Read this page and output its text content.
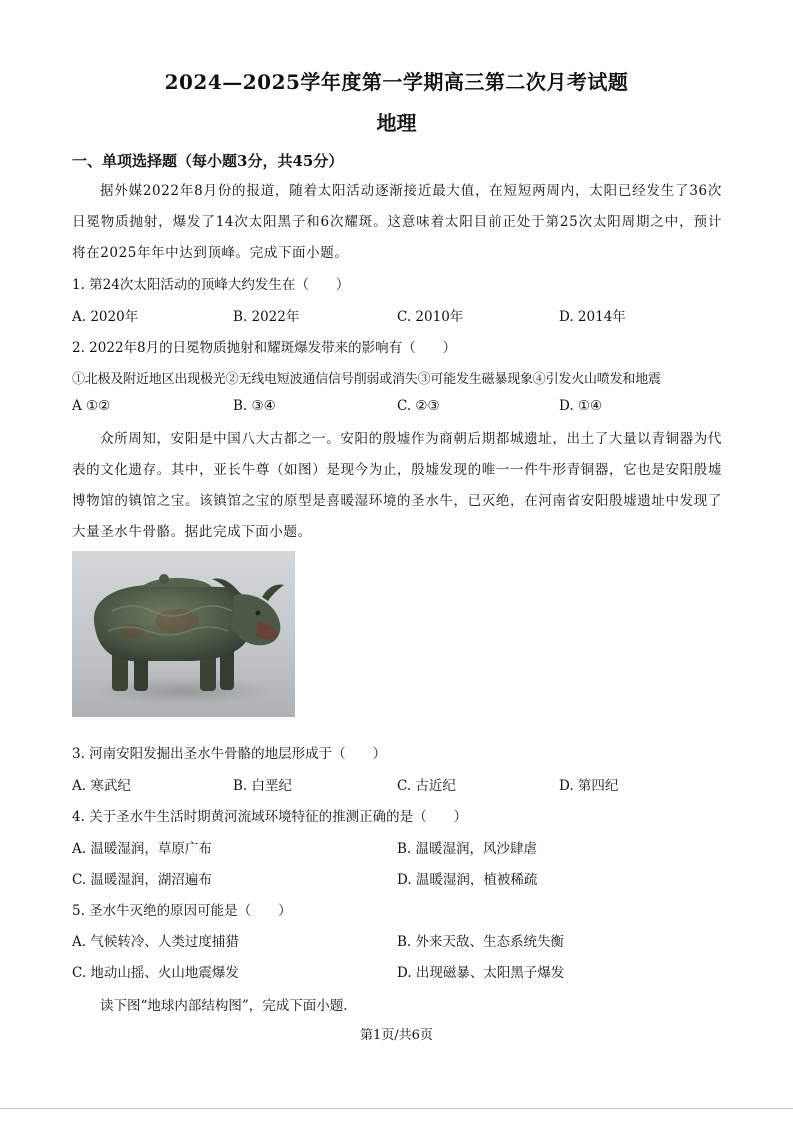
2024—2025学年度第一学期高三第二次月考试题
地理
一、单项选择题（每小题3分，共45分）
据外媒2022年8月份的报道，随着太阳活动逐渐接近最大值，在短短两周内，太阳已经发生了36次日冕物质抛射，爆发了14次太阳黑子和6次耀斑。这意味着太阳目前正处于第25次太阳周期之中，预计将在2025年年中达到顶峰。完成下面小题。
1. 第24次太阳活动的顶峰大约发生在（　　）
A. 2020年	B. 2022年	C. 2010年	D. 2014年
2. 2022年8月的日冕物质抛射和耀斑爆发带来的影响有（　　）
①北极及附近地区出现极光②无线电短波通信信号削弱或消失③可能发生磁暴现象④引发火山喷发和地震
A ①②	B. ③④	C. ②③	D. ①④
众所周知，安阳是中国八大古都之一。安阳的殷墟作为商朝后期都城遗址，出土了大量以青铜器为代表的文化遗存。其中，亚长牛尊（如图）是现今为止，殷墟发现的唯一一件牛形青铜器，它也是安阳殷墟博物馆的镇馆之宝。该镇馆之宝的原型是喜暖湿环境的圣水牛，已灭绝，在河南省安阳殷墟遗址中发现了大量圣水牛骨骼。据此完成下面小题。
3. 河南安阳发掘出圣水牛骨骼的地层形成于（　　）
A. 寒武纪	B. 白垩纪	C. 古近纪	D. 第四纪
4. 关于圣水牛生活时期黄河流域环境特征的推测正确的是（　　）
A. 温暖湿润，草原广布	B. 温暖湿润，风沙肆虐
C. 温暖湿润，湖沼遍布	D. 温暖湿润，植被稀疏
5. 圣水牛灭绝的原因可能是（　　）
A. 气候转冷、人类过度捕猎	B. 外来天敌、生态系统失衡
C. 地动山摇、火山地震爆发	D. 出现磁暴、太阳黑子爆发
读下图“地球内部结构图”，完成下面小题.
第1页/共6页
